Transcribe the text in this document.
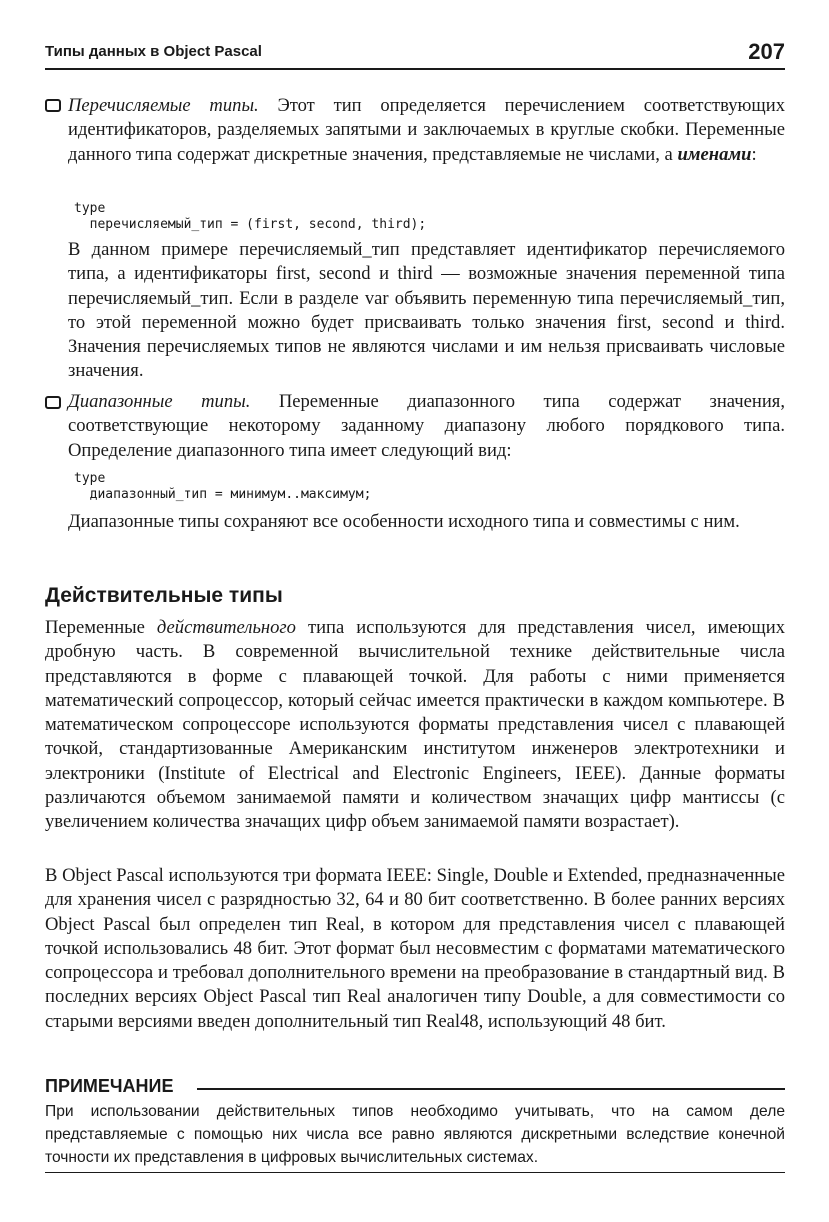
Типы данных в Object Pascal	207
Перечисляемые типы. Этот тип определяется перечислением соответствующих идентификаторов, разделяемых запятыми и заключаемых в круглые скобки. Переменные данного типа содержат дискретные значения, представляемые не числами, а именами:
type
перечисляемый_тип = (first, second, third);
В данном примере перечисляемый_тип представляет идентификатор перечисляемого типа, а идентификаторы first, second и third — возможные значения переменной типа перечисляемый_тип. Если в разделе var объявить переменную типа перечисляемый_тип, то этой переменной можно будет присваивать только значения first, second и third. Значения перечисляемых типов не являются числами и им нельзя присваивать числовые значения.
Диапазонные типы. Переменные диапазонного типа содержат значения, соответствующие некоторому заданному диапазону любого порядкового типа. Определение диапазонного типа имеет следующий вид:
type
диапазонный_тип = минимум..максимум;
Диапазонные типы сохраняют все особенности исходного типа и совместимы с ним.
Действительные типы
Переменные действительного типа используются для представления чисел, имеющих дробную часть. В современной вычислительной технике действительные числа представляются в форме с плавающей точкой. Для работы с ними применяется математический сопроцессор, который сейчас имеется практически в каждом компьютере. В математическом сопроцессоре используются форматы представления чисел с плавающей точкой, стандартизованные Американским институтом инженеров электротехники и электроники (Institute of Electrical and Electronic Engineers, IEEE). Данные форматы различаются объемом занимаемой памяти и количеством значащих цифр мантиссы (с увеличением количества значащих цифр объем занимаемой памяти возрастает).
В Object Pascal используются три формата IEEE: Single, Double и Extended, предназначенные для хранения чисел с разрядностью 32, 64 и 80 бит соответственно. В более ранних версиях Object Pascal был определен тип Real, в котором для представления чисел с плавающей точкой использовались 48 бит. Этот формат был несовместим с форматами математического сопроцессора и требовал дополнительного времени на преобразование в стандартный вид. В последних версиях Object Pascal тип Real аналогичен типу Double, а для совместимости со старыми версиями введен дополнительный тип Real48, использующий 48 бит.
ПРИМЕЧАНИЕ
При использовании действительных типов необходимо учитывать, что на самом деле представляемые с помощью них числа все равно являются дискретными вследствие конечной точности их представления в цифровых вычислительных системах.
